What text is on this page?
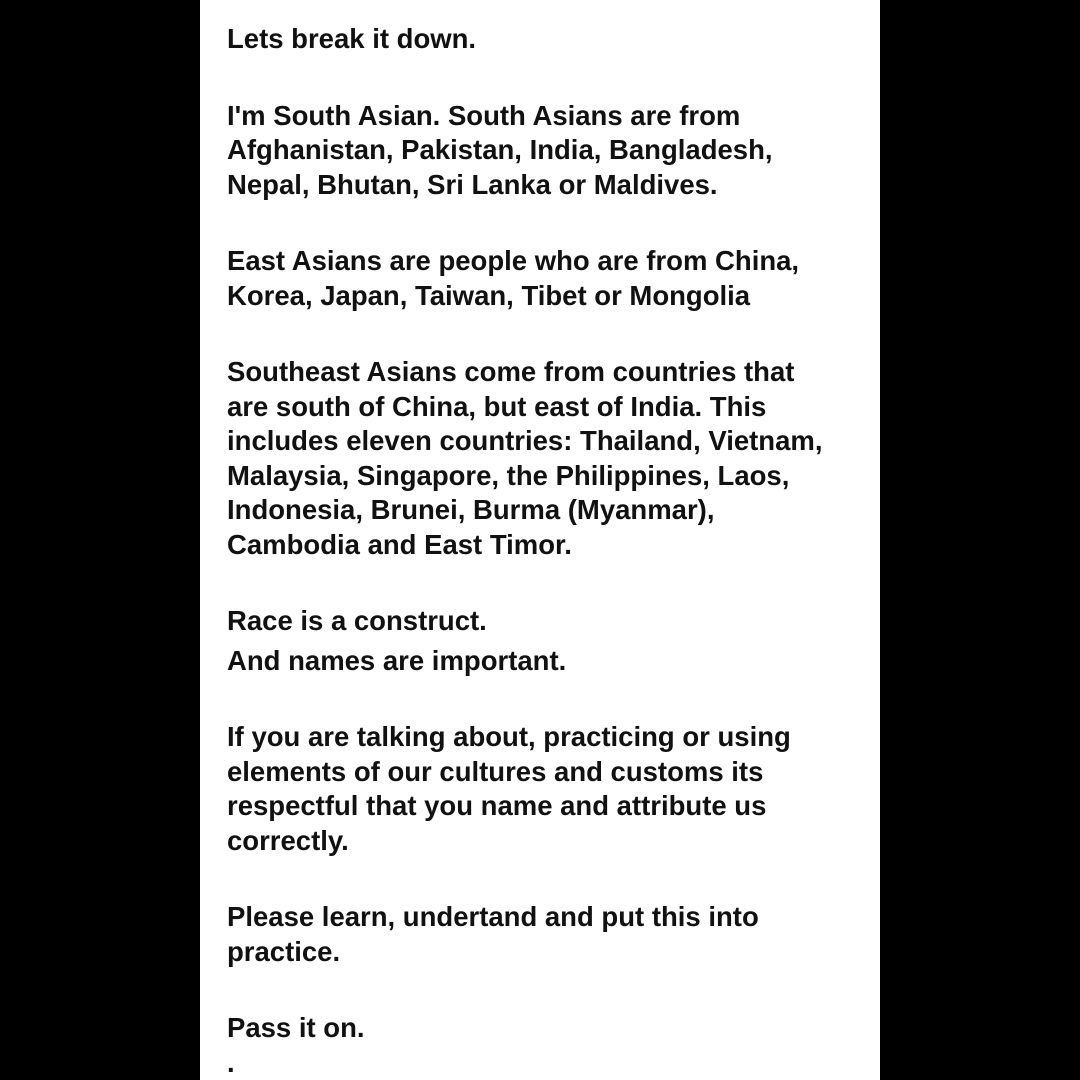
Lets break it down.
I'm South Asian. South Asians are from
Afghanistan, Pakistan, India, Bangladesh,
Nepal, Bhutan, Sri Lanka or Maldives.
East Asians are people who are from China,
Korea, Japan, Taiwan, Tibet or Mongolia
Southeast Asians come from countries that
are south of China, but east of India. This
includes eleven countries: Thailand, Vietnam,
Malaysia, Singapore, the Philippines, Laos,
Indonesia, Brunei, Burma (Myanmar),
Cambodia and East Timor.
Race is a construct.
And names are important.
If you are talking about, practicing or using
elements of our cultures and customs its
respectful that you name and attribute us
correctly.
Please learn, undertand and put this into
practice.
Pass it on.
.
